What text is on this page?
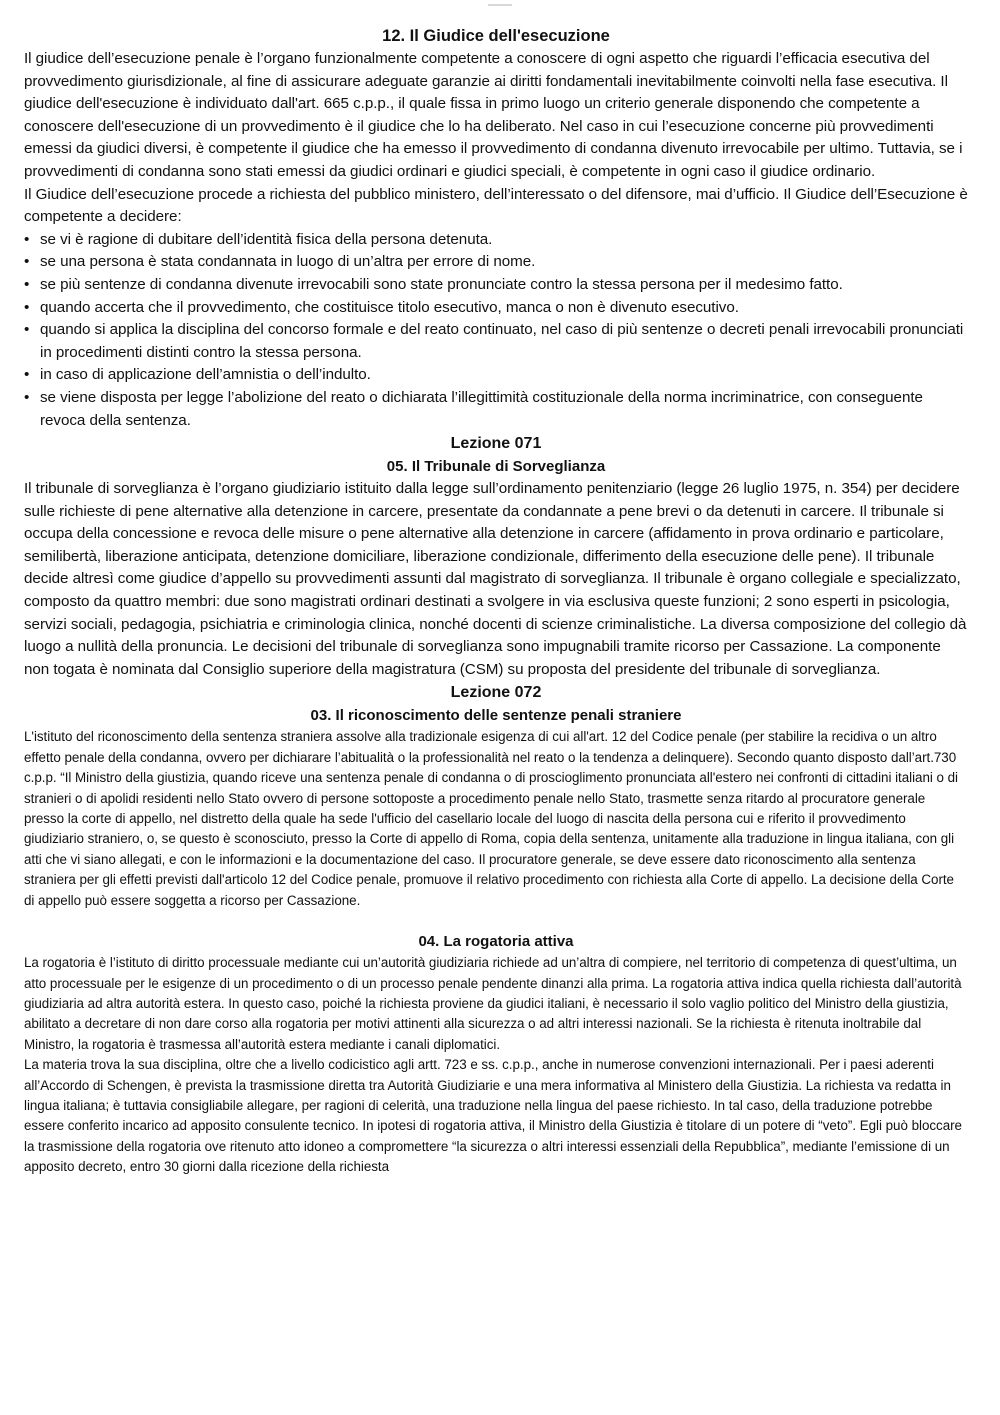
12. Il Giudice dell'esecuzione

Il giudice dell’esecuzione penale è l’organo funzionalmente competente a conoscere di ogni aspetto che riguardi l’efficacia esecutiva del provvedimento giurisdizionale, al fine di assicurare adeguate garanzie ai diritti fondamentali inevitabilmente coinvolti nella fase esecutiva. Il giudice dell'esecuzione è individuato dall'art. 665 c.p.p., il quale fissa in primo luogo un criterio generale disponendo che competente a conoscere dell'esecuzione di un provvedimento è il giudice che lo ha deliberato. Nel caso in cui l’esecuzione concerne più provvedimenti emessi da giudici diversi, è competente il giudice che ha emesso il provvedimento di condanna divenuto irrevocabile per ultimo. Tuttavia, se i provvedimenti di condanna sono stati emessi da giudici ordinari e giudici speciali, è competente in ogni caso il giudice ordinario.

Il Giudice dell’esecuzione procede a richiesta del pubblico ministero, dell’interessato o del difensore, mai d’ufficio. Il Giudice dell’Esecuzione è competente a decidere:

• se vi è ragione di dubitare dell’identità fisica della persona detenuta.
• se una persona è stata condannata in luogo di un’altra per errore di nome.
• se più sentenze di condanna divenute irrevocabili sono state pronunciate contro la stessa persona per il medesimo fatto.
• quando accerta che il provvedimento, che costituisce titolo esecutivo, manca o non è divenuto esecutivo.
• quando si applica la disciplina del concorso formale e del reato continuato, nel caso di più sentenze o decreti penali irrevocabili pronunciati in procedimenti distinti contro la stessa persona.
• in caso di applicazione dell’amnistia o dell’indulto.
• se viene disposta per legge l’abolizione del reato o dichiarata l’illegittimità costituzionale della norma incriminatrice, con conseguente revoca della sentenza.
Lezione 071
05. Il Tribunale di Sorveglianza

Il tribunale di sorveglianza è l’organo giudiziario istituito dalla legge sull’ordinamento penitenziario (legge 26 luglio 1975, n. 354) per decidere sulle richieste di pene alternative alla detenzione in carcere, presentate da condannate a pene brevi o da detenuti in carcere. Il tribunale si occupa della concessione e revoca delle misure o pene alternative alla detenzione in carcere (affidamento in prova ordinario e particolare, semilibertà, liberazione anticipata, detenzione domiciliare, liberazione condizionale, differimento della esecuzione delle pene). Il tribunale decide altresì come giudice d’appello su provvedimenti assunti dal magistrato di sorveglianza. Il tribunale è organo collegiale e specializzato, composto da quattro membri: due sono magistrati ordinari destinati a svolgere in via esclusiva queste funzioni; 2 sono esperti in psicologia, servizi sociali, pedagogia, psichiatria e criminologia clinica, nonché docenti di scienze criminalistiche. La diversa composizione del collegio dà luogo a nullità della pronuncia. Le decisioni del tribunale di sorveglianza sono impugnabili tramite ricorso per Cassazione. La componente non togata è nominata dal Consiglio superiore della magistratura (CSM) su proposta del presidente del tribunale di sorveglianza.

Lezione 072
03. Il riconoscimento delle sentenze penali straniere

L'istituto del riconoscimento della sentenza straniera assolve alla tradizionale esigenza di cui all'art. 12 del Codice penale (per stabilire la recidiva o un altro effetto penale della condanna, ovvero per dichiarare l’abitualità o la professionalità nel reato o la tendenza a delinquere). Secondo quanto disposto dall’art.730 c.p.p. “Il Ministro della giustizia, quando riceve una sentenza penale di condanna o di proscioglimento pronunciata all'estero nei confronti di cittadini italiani o di stranieri o di apolidi residenti nello Stato ovvero di persone sottoposte a procedimento penale nello Stato, trasmette senza ritardo al procuratore generale presso la corte di appello, nel distretto della quale ha sede l'ufficio del casellario locale del luogo di nascita della persona cui e riferito il provvedimento giudiziario straniero, o, se questo è sconosciuto, presso la Corte di appello di Roma, copia della sentenza, unitamente alla traduzione in lingua italiana, con gli atti che vi siano allegati, e con le informazioni e la documentazione del caso. Il procuratore generale, se deve essere dato riconoscimento alla sentenza straniera per gli effetti previsti dall'articolo 12 del Codice penale, promuove il relativo procedimento con richiesta alla Corte di appello. La decisione della Corte di appello può essere soggetta a ricorso per Cassazione.

04. La rogatoria attiva

La rogatoria è l’istituto di diritto processuale mediante cui un’autorità giudiziaria richiede ad un’altra di compiere, nel territorio di competenza di quest’ultima, un atto processuale per le esigenze di un procedimento o di un processo penale pendente dinanzi alla prima. La rogatoria attiva indica quella richiesta dall’autorità giudiziaria ad altra autorità estera. In questo caso, poiché la richiesta proviene da giudici italiani, è necessario il solo vaglio politico del Ministro della giustizia, abilitato a decretare di non dare corso alla rogatoria per motivi attinenti alla sicurezza o ad altri interessi nazionali. Se la richiesta è ritenuta inoltrabile dal Ministro, la rogatoria è trasmessa all’autorità estera mediante i canali diplomatici.

La materia trova la sua disciplina, oltre che a livello codicistico agli artt. 723 e ss. c.p.p., anche in numerose convenzioni internazionali. Per i paesi aderenti all’Accordo di Schengen, è prevista la trasmissione diretta tra Autorità Giudiziarie e una mera informativa al Ministero della Giustizia. La richiesta va redatta in lingua italiana; è tuttavia consigliabile allegare, per ragioni di celerità, una traduzione nella lingua del paese richiesto. In tal caso, della traduzione potrebbe essere conferito incarico ad apposito consulente tecnico. In ipotesi di rogatoria attiva, il Ministro della Giustizia è titolare di un potere di “veto”. Egli può bloccare la trasmissione della rogatoria ove ritenuto atto idoneo a compromettere “la sicurezza o altri interessi essenziali della Repubblica”, mediante l’emissione di un apposito decreto, entro 30 giorni dalla ricezione della richiesta
